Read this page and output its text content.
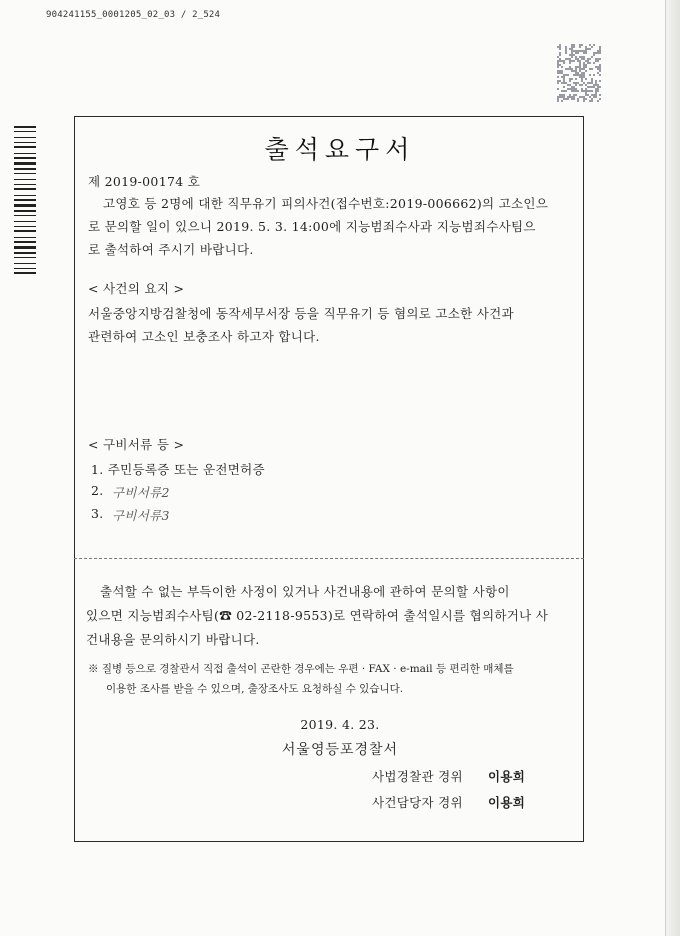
904241155_0001205_02_03 / 2_524
출석요구서
제 2019-00174 호
고영호 등 2명에 대한 직무유기 피의사건(접수번호:2019-006662)의 고소인으
로 문의할 일이 있으니 2019. 5. 3. 14:00에 지능범죄수사과 지능범죄수사팀으
로 출석하여 주시기 바랍니다.
< 사건의 요지 >
서울중앙지방검찰청에 동작세무서장 등을 직무유기 등 혐의로 고소한 사건과
관련하여 고소인 보충조사 하고자 합니다.
< 구비서류 등 >
1. 주민등록증 또는 운전면허증
2. 구비서류2
3. 구비서류3
출석할 수 없는 부득이한 사정이 있거나 사건내용에 관하여 문의할 사항이
있으면 지능범죄수사팀(☎ 02-2118-9553)로 연락하여 출석일시를 협의하거나 사
건내용을 문의하시기 바랍니다.
※ 질병 등으로 경찰관서 직접 출석이 곤란한 경우에는 우편 · FAX · e-mail 등 편리한 매체를
이용한 조사를 받을 수 있으며, 출장조사도 요청하실 수 있습니다.
2019. 4. 23.
서울영등포경찰서
사법경찰관 경위 이용희
사건담당자 경위 이용희
